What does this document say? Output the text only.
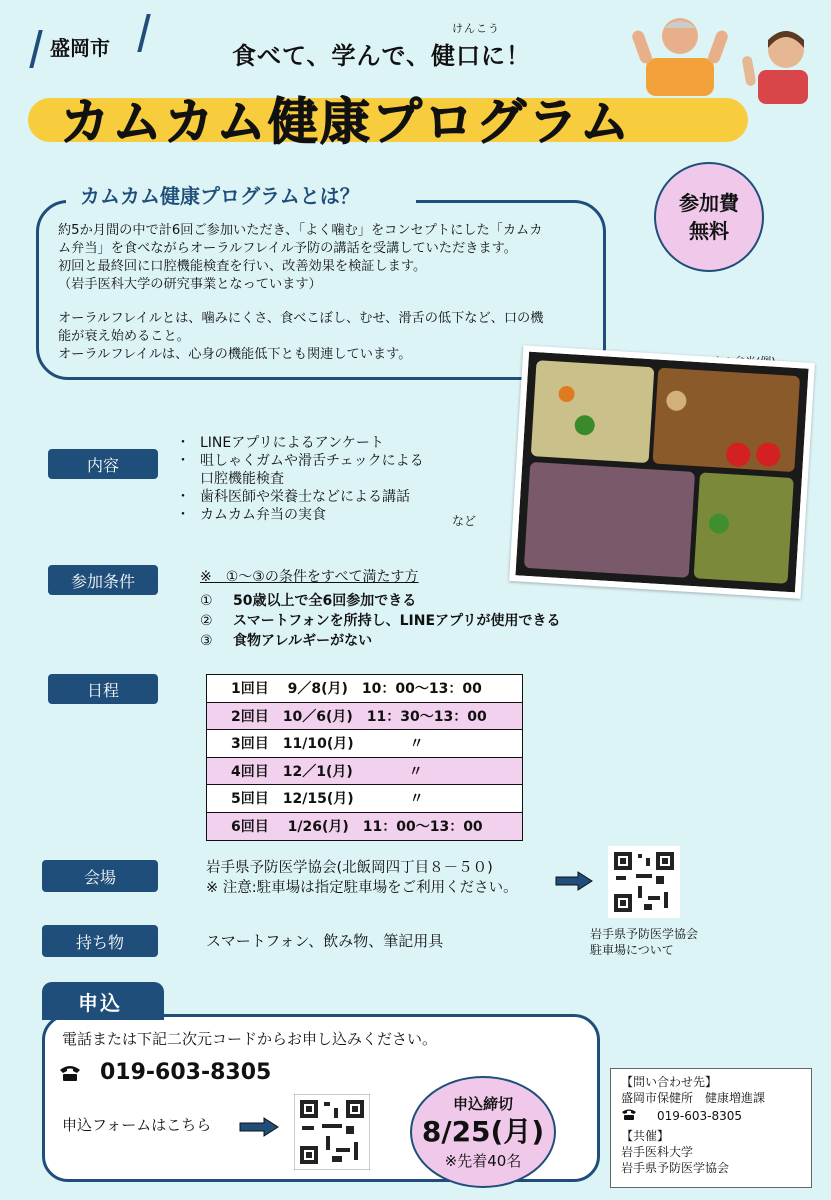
盛岡市
けんこう
食べて、学んで、健口に！
カムカム健康プログラム
カムカム健康プログラムとは？

約5か月間の中で計6回ご参加いただき、「よく噛む」をコンセプトにした「カムカ

ム弁当」を食べながらオーラルフレイル予防の講話を受講していただきます。

初回と最終回に口腔機能検査を行い、改善効果を検証します。

（岩手医科大学の研究事業となっています）

オーラルフレイルとは、噛みにくさ、食べこぼし、むせ、滑舌の低下など、口の機

能が衰え始めること。

オーラルフレイルは、心身の機能低下とも関連しています。

参加費
無料
内容
・ LINEアプリによるアンケート
・ 咀しゃくガムや滑舌チェックによる
口腔機能検査
・ 歯科医師や栄養士などによる講話
・ カムカム弁当の実食	など
参加条件	※　①～③の条件をすべて満たす方
①	50歳以上で全6回参加できる
②	スマートフォンを所持し、LINEアプリが使用できる
③	食物アレルギーがない
日程	1回目　 9／8(月)　10：00～13：00
2回目　10／6(月)　11：30～13：00
3回目　11/10(月)　　　　〃
4回目　12／1(月)　　　　〃
5回目　12/15(月)　　　　〃
6回目　 1/26(月)　11：00～13：00
会場	岩手県予防医学協会(北飯岡四丁目８－５０)
※ 注意:駐車場は指定駐車場をご利用ください。
岩手県予防医学協会
駐車場について
持ち物	スマートフォン、飲み物、筆記用具
申込
電話または下記二次元コードからお申し込みください。
019-603-8305
申込フォームはこちら
申込締切
8/25(月)
※先着40名
【問い合わせ先】
盛岡市保健所　健康増進課
019-603-8305
【共催】
岩手医科大学
岩手県予防医学協会
